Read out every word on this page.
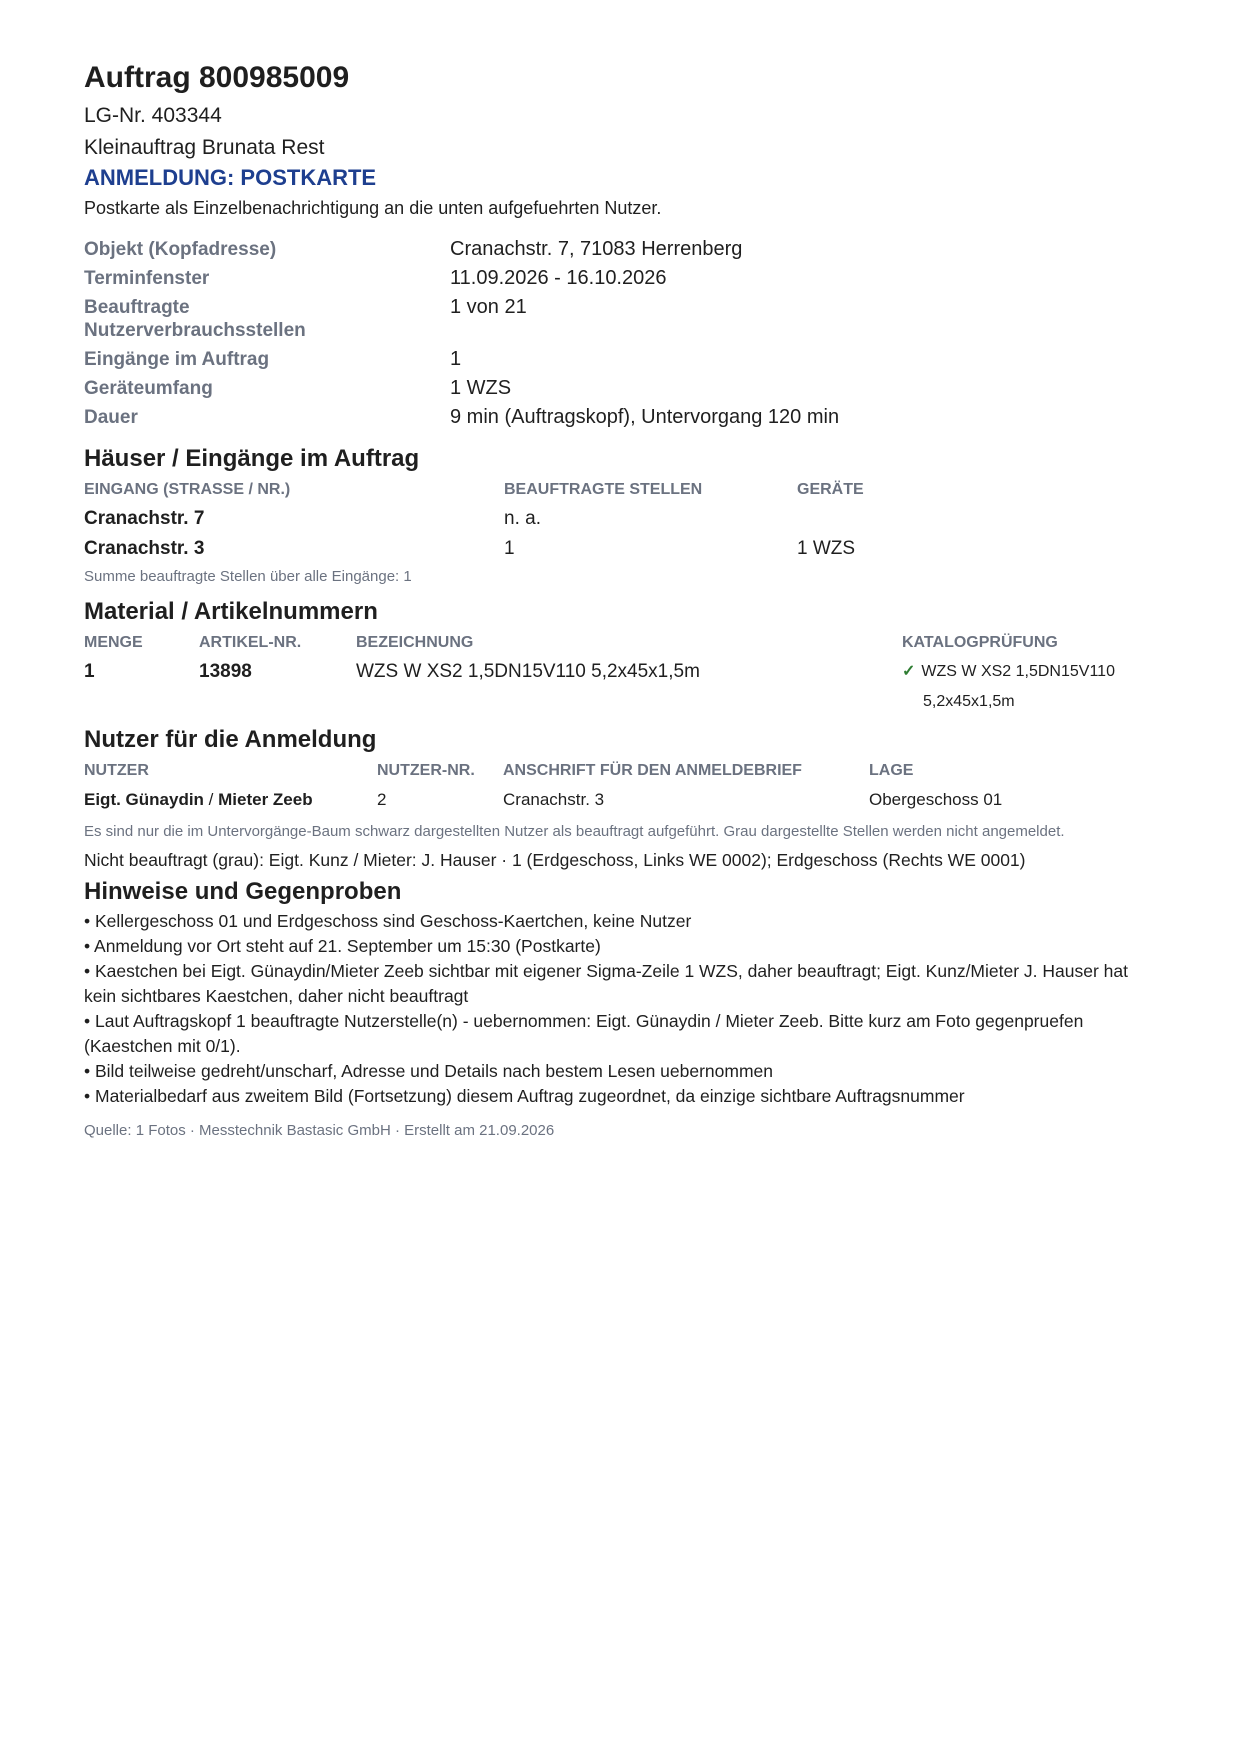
Auftrag 800985009
LG-Nr. 403344
Kleinauftrag Brunata Rest
ANMELDUNG: POSTKARTE
Postkarte als Einzelbenachrichtigung an die unten aufgefuehrten Nutzer.
Objekt (Kopfadresse)	Cranachstr. 7, 71083 Herrenberg
Terminfenster	11.09.2026 - 16.10.2026
Beauftragte Nutzerverbrauchsstellen
1 von 21
Eingänge im Auftrag	1
Geräteumfang	1 WZS
Dauer	9 min (Auftragskopf), Untervorgang 120 min
Häuser / Eingänge im Auftrag
EINGANG (STRASSE / NR.)	BEAUFTRAGTE STELLEN	GERÄTE
Cranachstr. 7	n. a.	
Cranachstr. 3	1	1 WZS
Summe beauftragte Stellen über alle Eingänge: 1
Material / Artikelnummern
MENGE	ARTIKEL-NR.	BEZEICHNUNG	KATALOGPRÜFUNG
1	13898	WZS W XS2 1,5DN15V110 5,2x45x1,5m	✓ WZS W XS2 1,5DN15V110
5,2x45x1,5m
Nutzer für die Anmeldung
NUTZER	NUTZER-NR.	ANSCHRIFT FÜR DEN ANMELDEBRIEF	LAGE
Eigt. Günaydin / Mieter Zeeb	2	Cranachstr. 3	Obergeschoss 01
Es sind nur die im Untervorgänge-Baum schwarz dargestellten Nutzer als beauftragt aufgeführt. Grau dargestellte Stellen werden nicht angemeldet.
Nicht beauftragt (grau): Eigt. Kunz / Mieter: J. Hauser · 1 (Erdgeschoss, Links WE 0002); Erdgeschoss (Rechts WE 0001)
Hinweise und Gegenproben
• Kellergeschoss 01 und Erdgeschoss sind Geschoss-Kaertchen, keine Nutzer
• Anmeldung vor Ort steht auf 21. September um 15:30 (Postkarte)
• Kaestchen bei Eigt. Günaydin/Mieter Zeeb sichtbar mit eigener Sigma-Zeile 1 WZS, daher beauftragt; Eigt. Kunz/Mieter J. Hauser hat kein sichtbares Kaestchen, daher nicht beauftragt
• Laut Auftragskopf 1 beauftragte Nutzerstelle(n) - uebernommen: Eigt. Günaydin / Mieter Zeeb. Bitte kurz am Foto gegenpruefen (Kaestchen mit 0/1).
• Bild teilweise gedreht/unscharf, Adresse und Details nach bestem Lesen uebernommen
• Materialbedarf aus zweitem Bild (Fortsetzung) diesem Auftrag zugeordnet, da einzige sichtbare Auftragsnummer
Quelle: 1 Fotos · Messtechnik Bastasic GmbH · Erstellt am 21.09.2026
